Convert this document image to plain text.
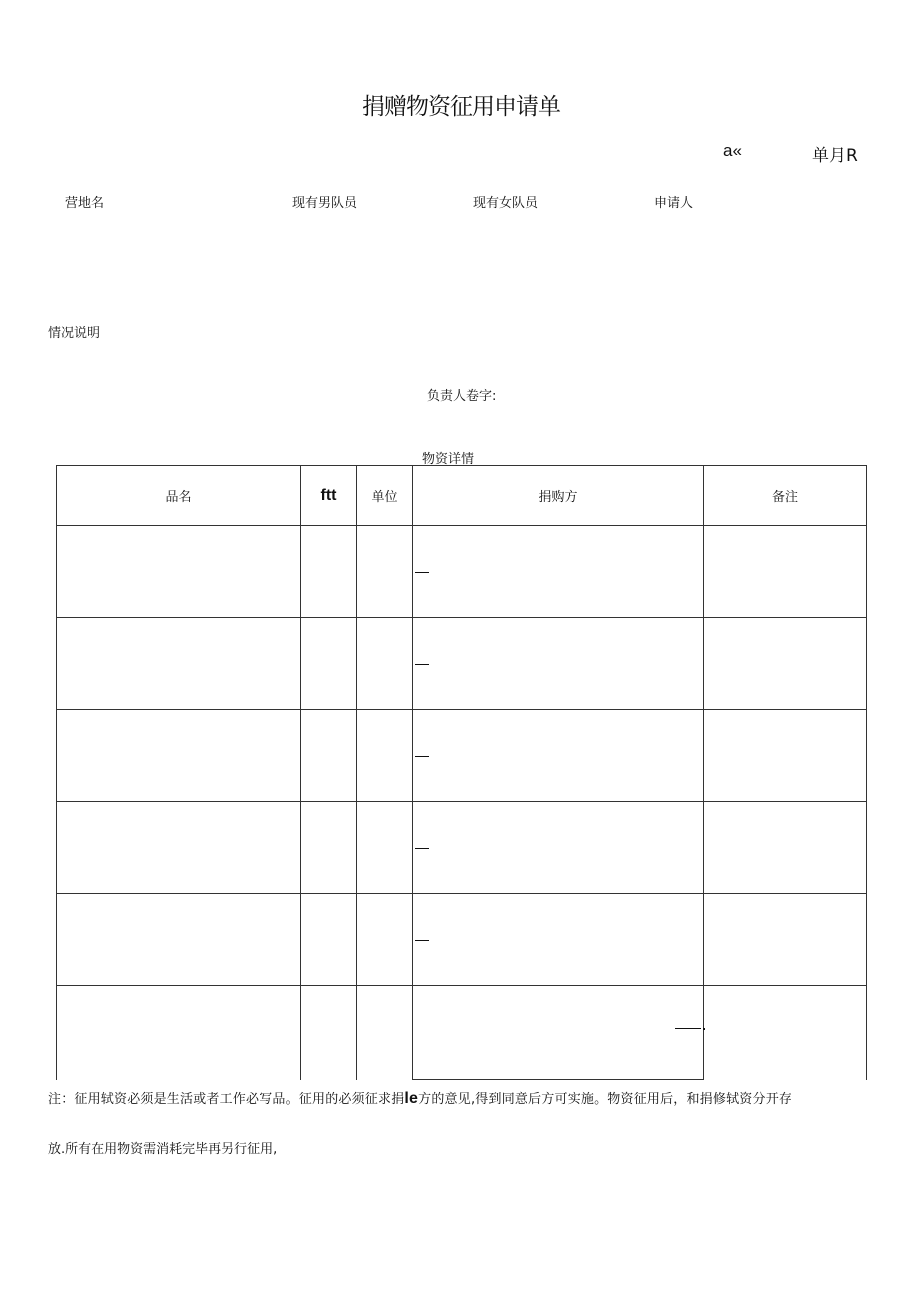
捐赠物资征用申请单
a«	单月R
营地名	现有男队员	现有女队员	申请人
情况说明
负责人卷字:
物资详情
品名	ftt	单位	捐购方	备注

注：征用轼资必须是生活或者工作必写品。征用的必须征求捐le方的意见,得到同意后方可实施。物资征用后，和捐修轼资分开存
放.所有在用物资需消耗完毕再另行征用,
